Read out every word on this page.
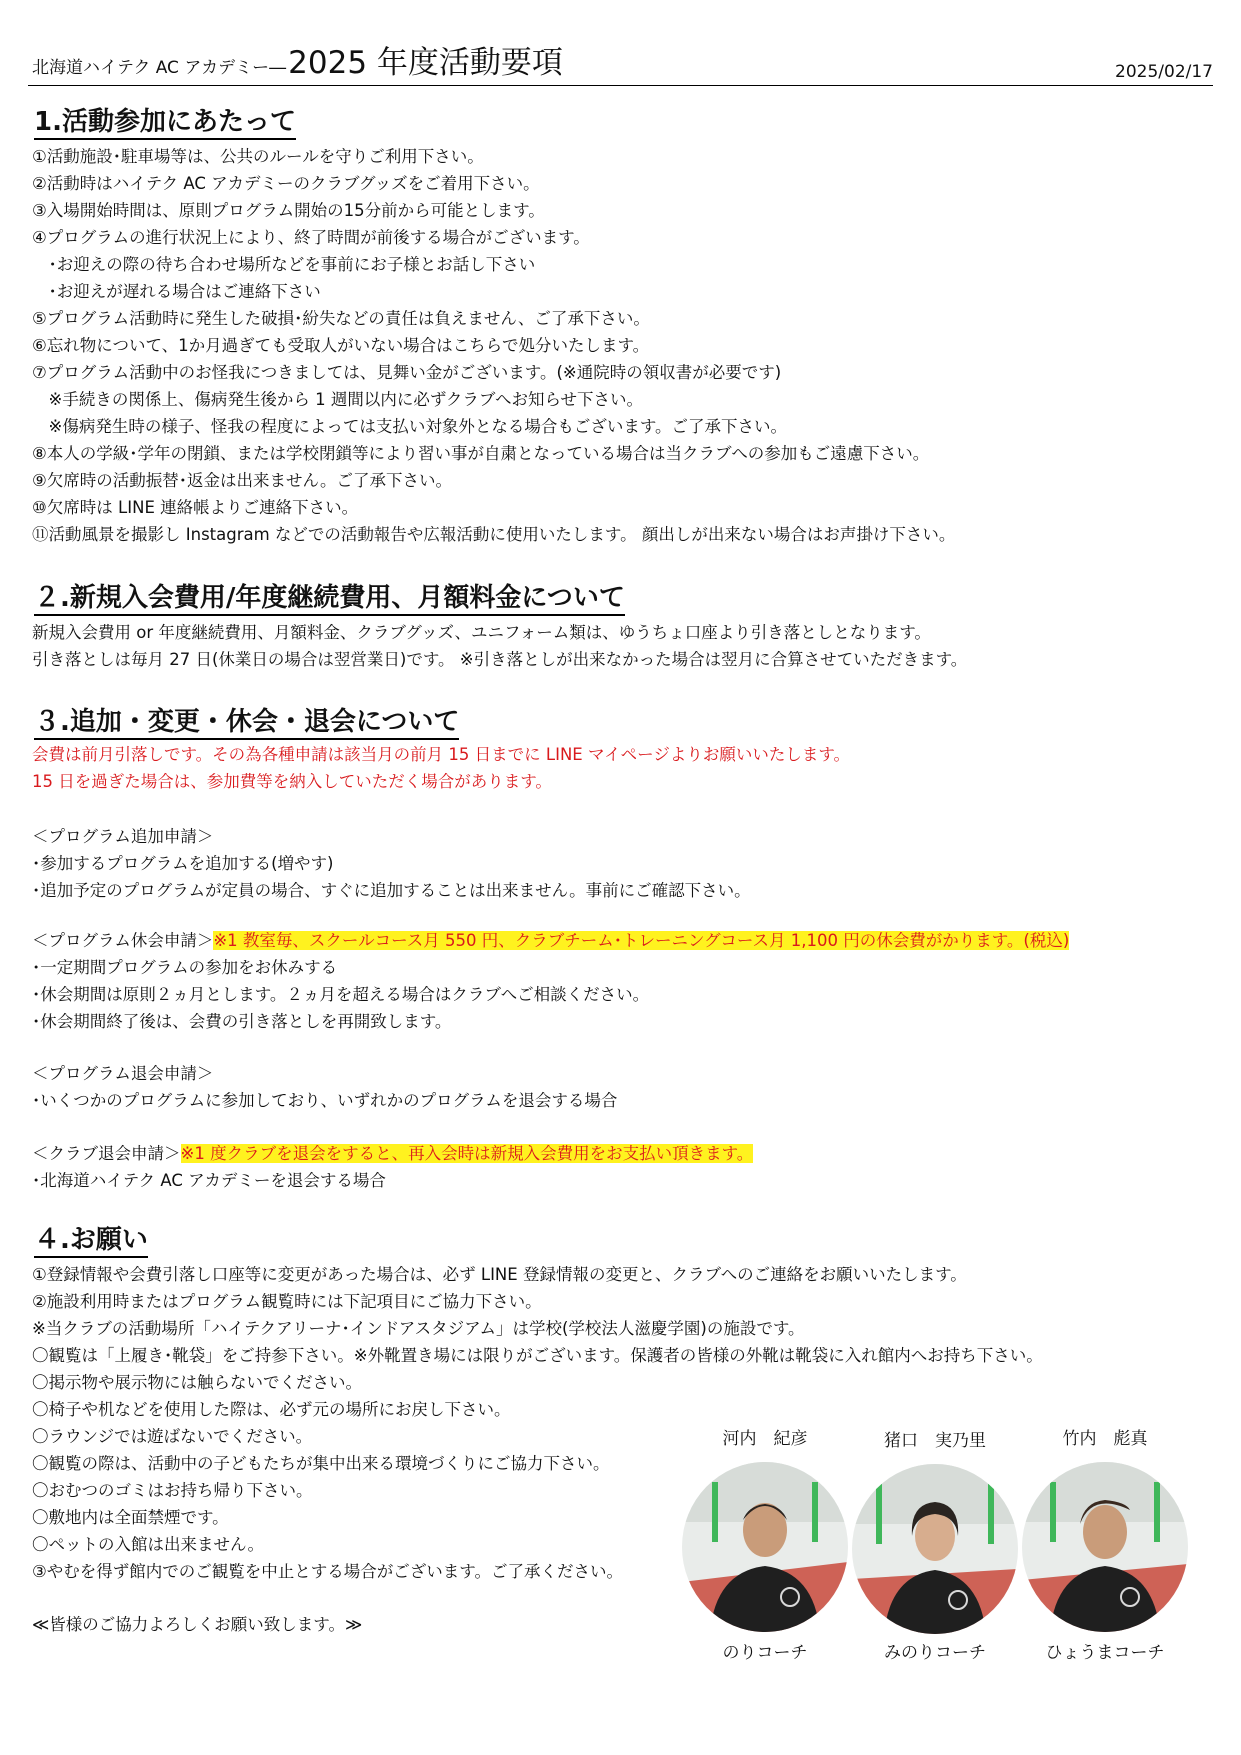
北海道ハイテク AC アカデミー―2025 年度活動要項	2025/02/17
1.活動参加にあたって
①活動施設･駐車場等は、公共のルールを守りご利用下さい。
②活動時はハイテク AC アカデミーのクラブグッズをご着用下さい。
③入場開始時間は、原則プログラム開始の15分前から可能とします。
④プログラムの進行状況上により、終了時間が前後する場合がございます。
　･お迎えの際の待ち合わせ場所などを事前にお子様とお話し下さい
　･お迎えが遅れる場合はご連絡下さい
⑤プログラム活動時に発生した破損･紛失などの責任は負えません、ご了承下さい。
⑥忘れ物について、1か月過ぎても受取人がいない場合はこちらで処分いたします。
⑦プログラム活動中のお怪我につきましては、見舞い金がございます。(※通院時の領収書が必要です)
　※手続きの関係上、傷病発生後から 1 週間以内に必ずクラブへお知らせ下さい。
　※傷病発生時の様子、怪我の程度によっては支払い対象外となる場合もございます。ご了承下さい。
⑧本人の学級･学年の閉鎖、または学校閉鎖等により習い事が自粛となっている場合は当クラブへの参加もご遠慮下さい。
⑨欠席時の活動振替･返金は出来ません。ご了承下さい。
⑩欠席時は LINE 連絡帳よりご連絡下さい。
⑪活動風景を撮影し Instagram などでの活動報告や広報活動に使用いたします。 顔出しが出来ない場合はお声掛け下さい。
２.新規入会費用/年度継続費用、月額料金について
新規入会費用 or 年度継続費用、月額料金、クラブグッズ、ユニフォーム類は、ゆうちょ口座より引き落としとなります。
引き落としは毎月 27 日(休業日の場合は翌営業日)です。 ※引き落としが出来なかった場合は翌月に合算させていただきます。
３.追加・変更・休会・退会について
会費は前月引落しです。その為各種申請は該当月の前月 15 日までに LINE マイページよりお願いいたします。
15 日を過ぎた場合は、参加費等を納入していただく場合があります。
＜プログラム追加申請＞
･参加するプログラムを追加する(増やす)
･追加予定のプログラムが定員の場合、すぐに追加することは出来ません。事前にご確認下さい。
＜プログラム休会申請＞※1 教室毎、スクールコース月 550 円、クラブチーム･トレーニングコース月 1,100 円の休会費がかります。(税込)
･一定期間プログラムの参加をお休みする
･休会期間は原則２ヵ月とします。２ヵ月を超える場合はクラブへご相談ください。
･休会期間終了後は、会費の引き落としを再開致します。
＜プログラム退会申請＞
･いくつかのプログラムに参加しており、いずれかのプログラムを退会する場合
＜クラブ退会申請＞※1 度クラブを退会をすると、再入会時は新規入会費用をお支払い頂きます。
･北海道ハイテク AC アカデミーを退会する場合
４.お願い
①登録情報や会費引落し口座等に変更があった場合は、必ず LINE 登録情報の変更と、クラブへのご連絡をお願いいたします。
②施設利用時またはプログラム観覧時には下記項目にご協力下さい。
※当クラブの活動場所「ハイテクアリーナ･インドアスタジアム」は学校(学校法人滋慶学園)の施設です。
〇観覧は「上履き･靴袋」をご持参下さい。※外靴置き場には限りがございます。保護者の皆様の外靴は靴袋に入れ館内へお持ち下さい。
〇掲示物や展示物には触らないでください。
〇椅子や机などを使用した際は、必ず元の場所にお戻し下さい。
〇ラウンジでは遊ばないでください。
〇観覧の際は、活動中の子どもたちが集中出来る環境づくりにご協力下さい。
〇おむつのゴミはお持ち帰り下さい。
〇敷地内は全面禁煙です。
〇ペットの入館は出来ません。
③やむを得ず館内でのご観覧を中止とする場合がございます。ご了承ください。
≪皆様のご協力よろしくお願い致します。≫
河内　紀彦
のりコーチ
猪口　実乃里
みのりコーチ
竹内　彪真
ひょうまコーチ
